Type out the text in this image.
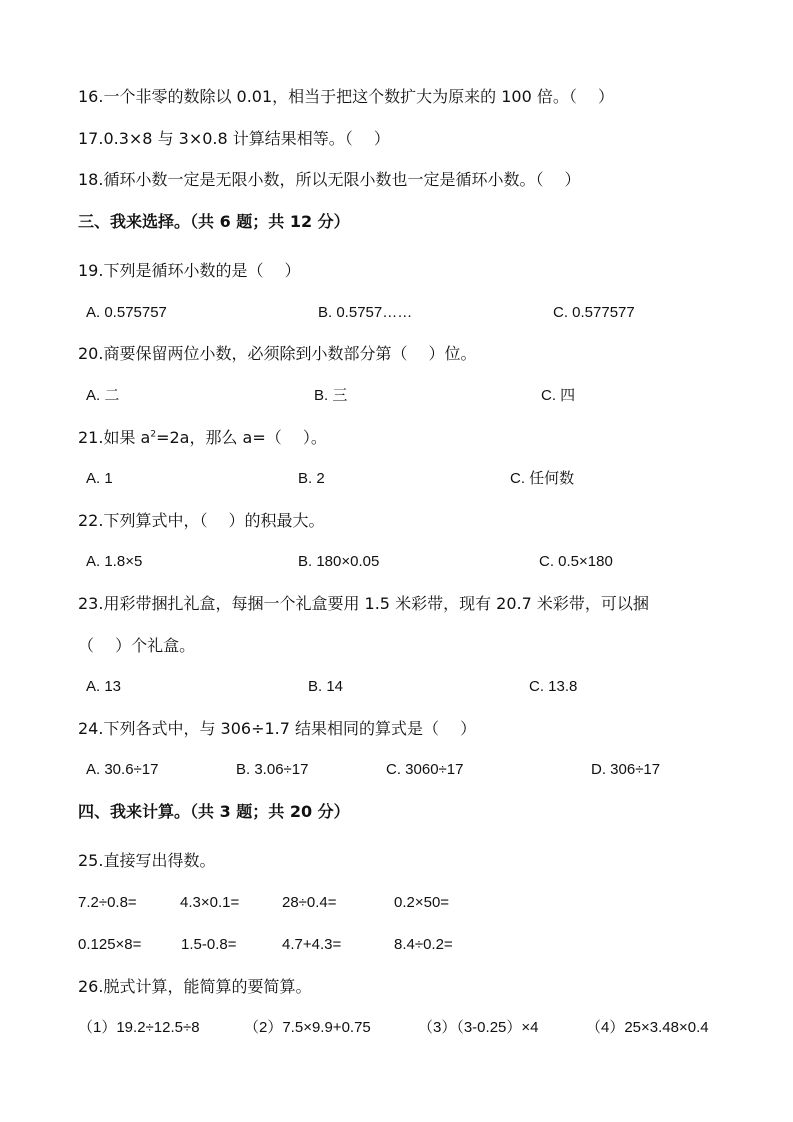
16.一个非零的数除以 0.01，相当于把这个数扩大为原来的 100 倍。（　 ）
17.0.3×8 与 3×0.8 计算结果相等。（　 ）
18.循环小数一定是无限小数，所以无限小数也一定是循环小数。（　 ）
三、我来选择。（共 6 题；共 12 分）
19.下列是循环小数的是（　 ）
A. 0.575757	B. 0.5757……	C. 0.577577
20.商要保留两位小数，必须除到小数部分第（　 ）位。
A. 二	B. 三	C. 四
21.如果 $a^2=2a$，那么 a=（　 ）。
A. 1	B. 2	C. 任何数
22.下列算式中，（　 ）的积最大。
A. 1.8×5	B. 180×0.05	C. 0.5×180
23.用彩带捆扎礼盒，每捆一个礼盒要用 1.5 米彩带，现有 20.7 米彩带，可以捆
（　 ）个礼盒。
A. 13	B. 14	C. 13.8
24.下列各式中，与 306÷1.7 结果相同的算式是（　 ）
A. 30.6÷17	B. 3.06÷17	C. 3060÷17	D. 306÷17
四、我来计算。（共 3 题；共 20 分）
25.直接写出得数。
7.2÷0.8=	4.3×0.1=	28÷0.4=	0.2×50=
0.125×8=	1.5-0.8=	4.7+4.3=	8.4÷0.2=
26.脱式计算，能简算的要简算。
（1）19.2÷12.5÷8	（2）7.5×9.9+0.75	（3）（3-0.25）×4	（4）25×3.48×0.4
